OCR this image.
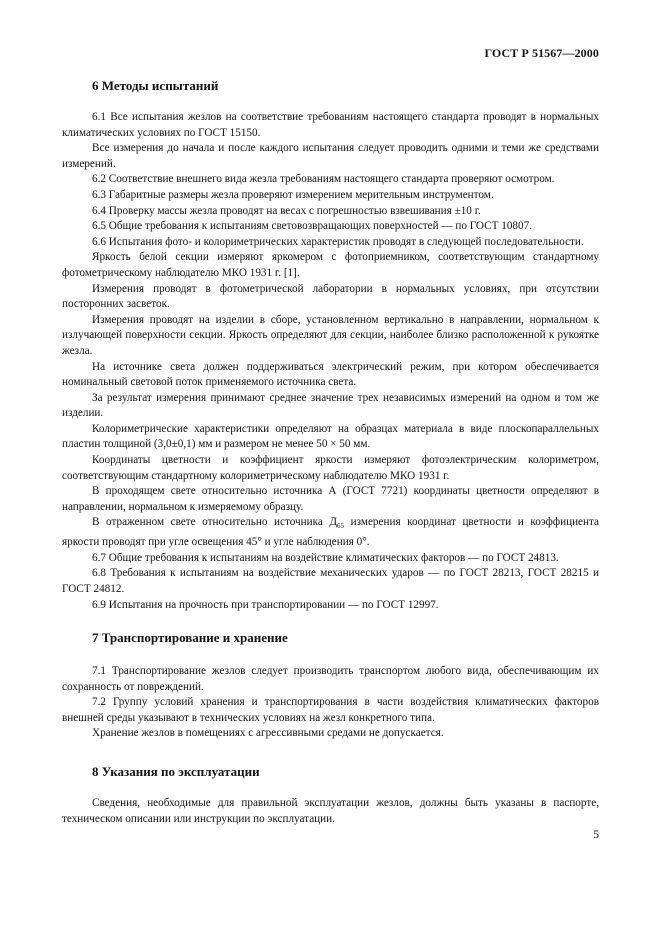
ГОСТ Р 51567—2000
6 Методы испытаний

6.1 Все испытания жезлов на соответствие требованиям настоящего стандарта проводят в нормальных климатических условиях по ГОСТ 15150.

Все измерения до начала и после каждого испытания следует проводить одними и теми же средствами измерений.

6.2 Соответствие внешнего вида жезла требованиям настоящего стандарта проверяют осмотром.

6.3 Габаритные размеры жезла проверяют измерением мерительным инструментом.

6.4 Проверку массы жезла проводят на весах с погрешностью взвешивания ±10 г.

6.5 Общие требования к испытаниям световозвращающих поверхностей — по ГОСТ 10807.

6.6 Испытания фото- и колориметрических характеристик проводят в следующей последовательности.

Яркость белой секции измеряют яркомером с фотоприемником, соответствующим стандартному фотометрическому наблюдателю МКО 1931 г. [1].

Измерения проводят в фотометрической лаборатории в нормальных условиях, при отсутствии посторонних засветок.

Измерения проводят на изделии в сборе, установленном вертикально в направлении, нормальном к излучающей поверхности секции. Яркость определяют для секции, наиболее близко расположенной к рукоятке жезла.

На источнике света должен поддерживаться электрический режим, при котором обеспечивается номинальный световой поток применяемого источника света.

За результат измерения принимают среднее значение трех независимых измерений на одном и том же изделии.

Колориметрические характеристики определяют на образцах материала в виде плоскопараллельных пластин толщиной (3,0±0,1) мм и размером не менее 50 × 50 мм.

Координаты цветности и коэффициент яркости измеряют фотоэлектрическим колориметром, соответствующим стандартному колориметрическому наблюдателю МКО 1931 г.

В проходящем свете относительно источника А (ГОСТ 7721) координаты цветности определяют в направлении, нормальном к измеряемому образцу.

В отраженном свете относительно источника $Д_{65}$ измерения координат цветности и коэффициента яркости проводят при угле освещения 45° и угле наблюдения 0°.

6.7 Общие требования к испытаниям на воздействие климатических факторов — по ГОСТ 24813.

6.8 Требования к испытаниям на воздействие механических ударов — по ГОСТ 28213, ГОСТ 28215 и ГОСТ 24812.

6.9 Испытания на прочность при транспортировании — по ГОСТ 12997.

7 Транспортирование и хранение

7.1 Транспортирование жезлов следует производить транспортом любого вида, обеспечивающим их сохранность от повреждений.

7.2 Группу условий хранения и транспортирования в части воздействия климатических факторов внешней среды указывают в технических условиях на жезл конкретного типа.

Хранение жезлов в помещениях с агрессивными средами не допускается.

8 Указания по эксплуатации

Сведения, необходимые для правильной эксплуатации жезлов, должны быть указаны в паспорте, техническом описании или инструкции по эксплуатации.

5
